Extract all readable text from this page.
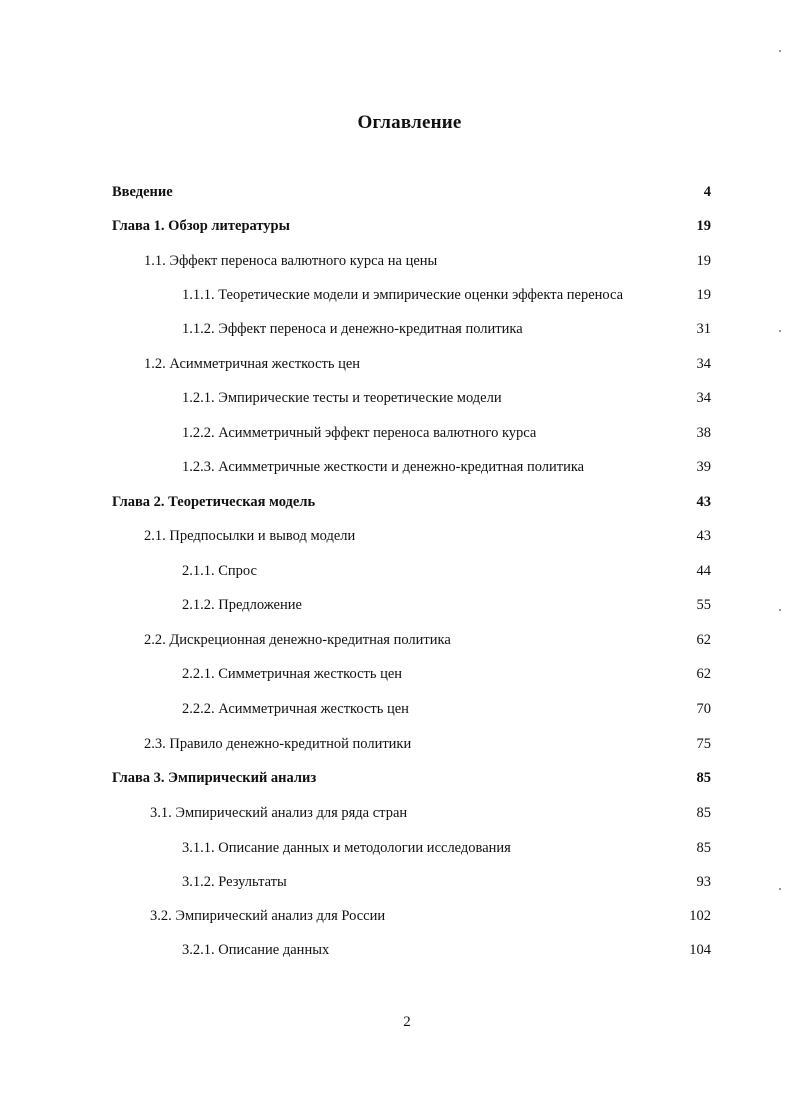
Оглавление
Введение	4
Глава 1. Обзор литературы	19
1.1. Эффект переноса валютного курса на цены	19
1.1.1. Теоретические модели и эмпирические оценки эффекта переноса	19
1.1.2. Эффект переноса и денежно-кредитная политика	31
1.2. Асимметричная жесткость цен	34
1.2.1. Эмпирические тесты и теоретические модели	34
1.2.2. Асимметричный эффект переноса валютного курса	38
1.2.3. Асимметричные жесткости и денежно-кредитная политика	39
Глава 2. Теоретическая модель	43
2.1. Предпосылки и вывод модели	43
2.1.1. Спрос	44
2.1.2. Предложение	55
2.2. Дискреционная денежно-кредитная политика	62
2.2.1. Симметричная жесткость цен	62
2.2.2. Асимметричная жесткость цен	70
2.3. Правило денежно-кредитной политики	75
Глава 3. Эмпирический анализ	85
3.1. Эмпирический анализ для ряда стран	85
3.1.1. Описание данных и методологии исследования	85
3.1.2. Результаты	93
3.2. Эмпирический анализ для России	102
3.2.1. Описание данных	104
2
